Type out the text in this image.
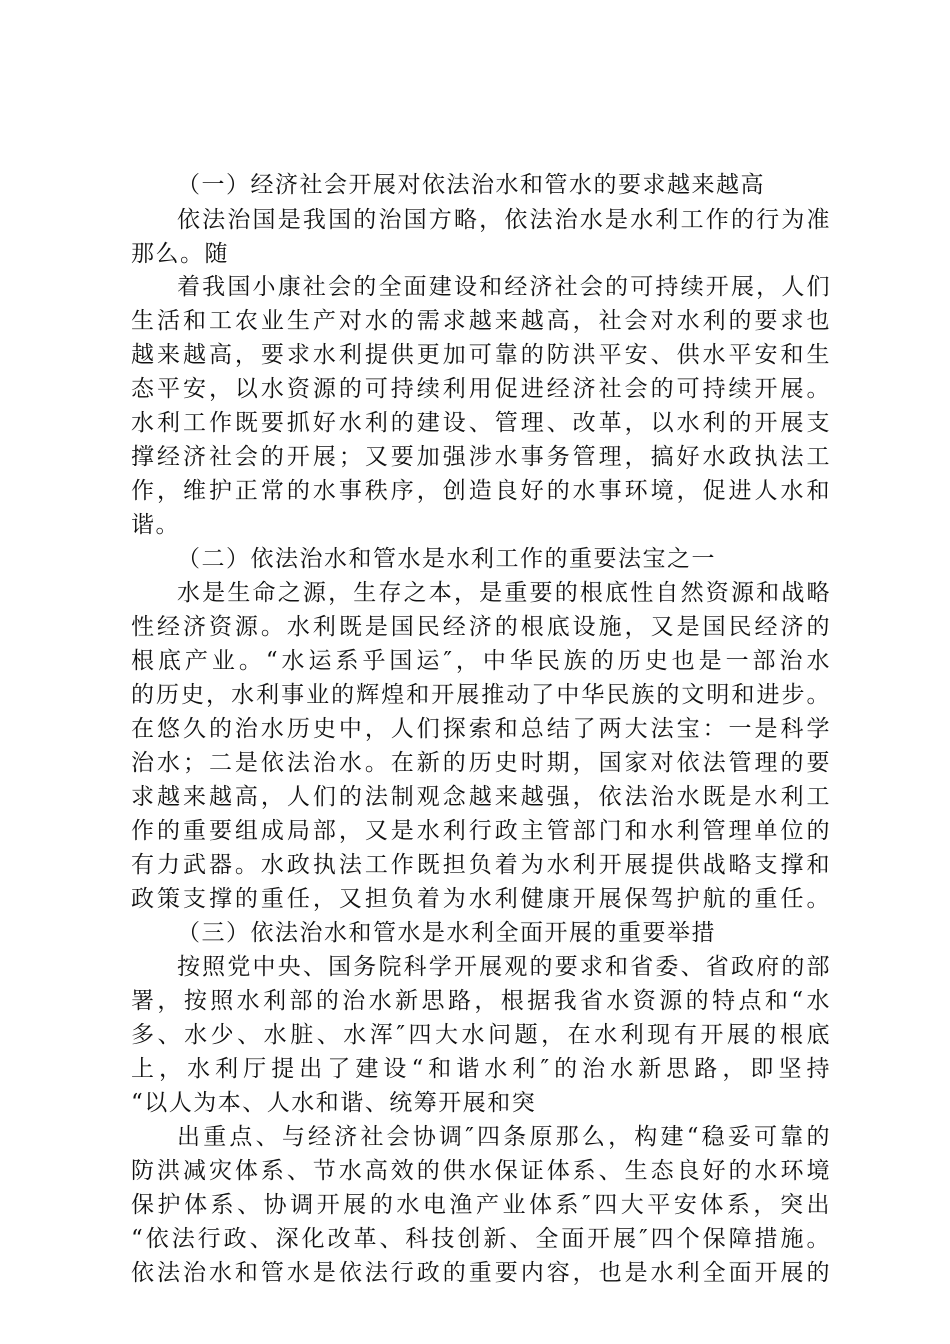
（一）经济社会开展对依法治水和管水的要求越来越高
依法治国是我国的治国方略，依法治水是水利工作的行为准
那么。随
着我国小康社会的全面建设和经济社会的可持续开展，人们
生活和工农业生产对水的需求越来越高，社会对水利的要求也
越来越高，要求水利提供更加可靠的防洪平安、供水平安和生
态平安，以水资源的可持续利用促进经济社会的可持续开展。
水利工作既要抓好水利的建设、管理、改革，以水利的开展支
撑经济社会的开展；又要加强涉水事务管理，搞好水政执法工
作，维护正常的水事秩序，创造良好的水事环境，促进人水和
谐。
（二）依法治水和管水是水利工作的重要法宝之一
水是生命之源，生存之本，是重要的根底性自然资源和战略
性经济资源。水利既是国民经济的根底设施，又是国民经济的
根底产业。“水运系乎国运″，中华民族的历史也是一部治水
的历史，水利事业的辉煌和开展推动了中华民族的文明和进步。
在悠久的治水历史中，人们探索和总结了两大法宝：一是科学
治水；二是依法治水。在新的历史时期，国家对依法管理的要
求越来越高，人们的法制观念越来越强，依法治水既是水利工
作的重要组成局部，又是水利行政主管部门和水利管理单位的
有力武器。水政执法工作既担负着为水利开展提供战略支撑和
政策支撑的重任，又担负着为水利健康开展保驾护航的重任。
（三）依法治水和管水是水利全面开展的重要举措
按照党中央、国务院科学开展观的要求和省委、省政府的部
署，按照水利部的治水新思路，根据我省水资源的特点和“水
多、水少、水脏、水浑″四大水问题，在水利现有开展的根底
上，水利厅提出了建设“和谐水利″的治水新思路，即坚持
“以人为本、人水和谐、统筹开展和突
出重点、与经济社会协调″四条原那么，构建“稳妥可靠的
防洪减灾体系、节水高效的供水保证体系、生态良好的水环境
保护体系、协调开展的水电渔产业体系″四大平安体系，突出
“依法行政、深化改革、科技创新、全面开展″四个保障措施。
依法治水和管水是依法行政的重要内容，也是水利全面开展的
